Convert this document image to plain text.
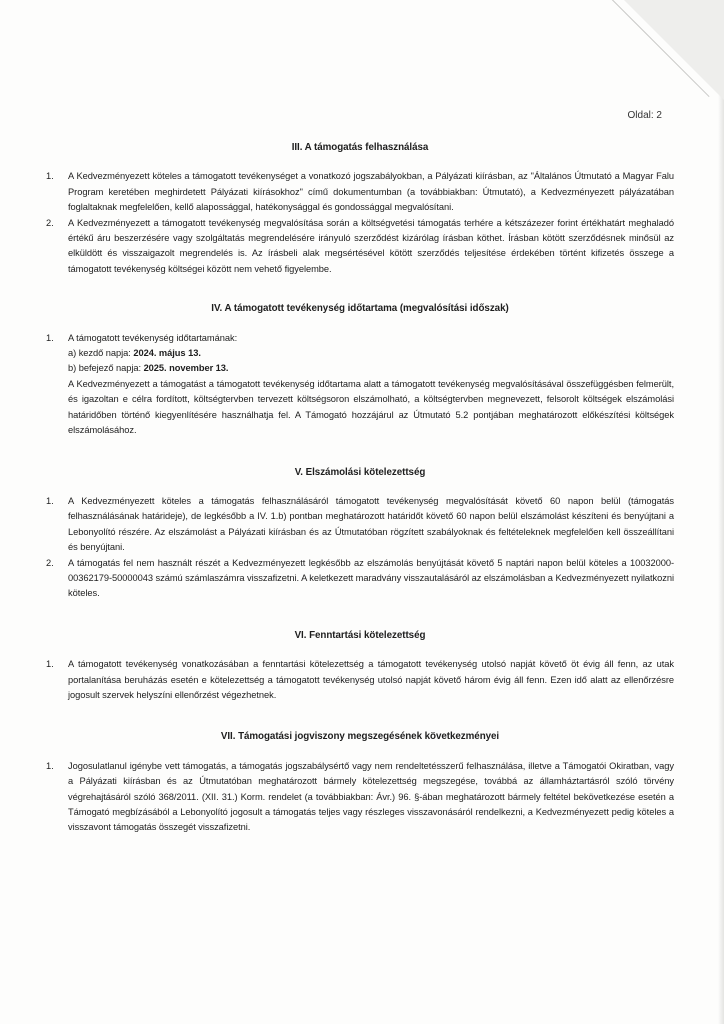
Oldal: 2
III. A támogatás felhasználása
1. A Kedvezményezett köteles a támogatott tevékenységet a vonatkozó jogszabályokban, a Pályázati kiírásban, az "Általános Útmutató a Magyar Falu Program keretében meghirdetett Pályázati kiírásokhoz" című dokumentumban (a továbbiakban: Útmutató), a Kedvezményezett pályázatában foglaltaknak megfelelően, kellő alapossággal, hatékonysággal és gondossággal megvalósítani.
2. A Kedvezményezett a támogatott tevékenység megvalósítása során a költségvetési támogatás terhére a kétszázezer forint értékhatárt meghaladó értékű áru beszerzésére vagy szolgáltatás megrendelésére irányuló szerződést kizárólag írásban köthet. Írásban kötött szerződésnek minősül az elküldött és visszaigazolt megrendelés is. Az írásbeli alak megsértésével kötött szerződés teljesítése érdekében történt kifizetés összege a támogatott tevékenység költségei között nem vehető figyelembe.
IV. A támogatott tevékenység időtartama (megvalósítási időszak)
1. A támogatott tevékenység időtartamának:
a) kezdő napja: 2024. május 13.
b) befejező napja: 2025. november 13.
A Kedvezményezett a támogatást a támogatott tevékenység időtartama alatt a támogatott tevékenység megvalósításával összefüggésben felmerült, és igazoltan e célra fordított, költségtervben tervezett költségsoron elszámolható, a költségtervben megnevezett, felsorolt költségek elszámolási határidőben történő kiegyenlítésére használhatja fel. A Támogató hozzájárul az Útmutató 5.2 pontjában meghatározott előkészítési költségek elszámolásához.
V. Elszámolási kötelezettség
1. A Kedvezményezett köteles a támogatás felhasználásáról támogatott tevékenység megvalósítását követő 60 napon belül (támogatás felhasználásának határideje), de legkésőbb a IV. 1.b) pontban meghatározott határidőt követő 60 napon belül elszámolást készíteni és benyújtani a Lebonyolító részére. Az elszámolást a Pályázati kiírásban és az Útmutatóban rögzített szabályoknak és feltételeknek megfelelően kell összeállítani és benyújtani.
2. A támogatás fel nem használt részét a Kedvezményezett legkésőbb az elszámolás benyújtását követő 5 naptári napon belül köteles a 10032000-00362179-50000043 számú számlaszámra visszafizetni. A keletkezett maradvány visszautalásáról az elszámolásban a Kedvezményezett nyilatkozni köteles.
VI. Fenntartási kötelezettség
1. A támogatott tevékenység vonatkozásában a fenntartási kötelezettség a támogatott tevékenység utolsó napját követő öt évig áll fenn, az utak portalanítása beruházás esetén e kötelezettség a támogatott tevékenység utolsó napját követő három évig áll fenn. Ezen idő alatt az ellenőrzésre jogosult szervek helyszíni ellenőrzést végezhetnek.
VII. Támogatási jogviszony megszegésének következményei
1. Jogosulatlanul igénybe vett támogatás, a támogatás jogszabálysértő vagy nem rendeltetésszerű felhasználása, illetve a Támogatói Okiratban, vagy a Pályázati kiírásban és az Útmutatóban meghatározott bármely kötelezettség megszegése, továbbá az államháztartásról szóló törvény végrehajtásáról szóló 368/2011. (XII. 31.) Korm. rendelet (a továbbiakban: Ávr.) 96. §-ában meghatározott bármely feltétel bekövetkezése esetén a Támogató megbízásából a Lebonyolító jogosult a támogatás teljes vagy részleges visszavonásáról rendelkezni, a Kedvezményezett pedig köteles a visszavont támogatás összegét visszafizetni.
